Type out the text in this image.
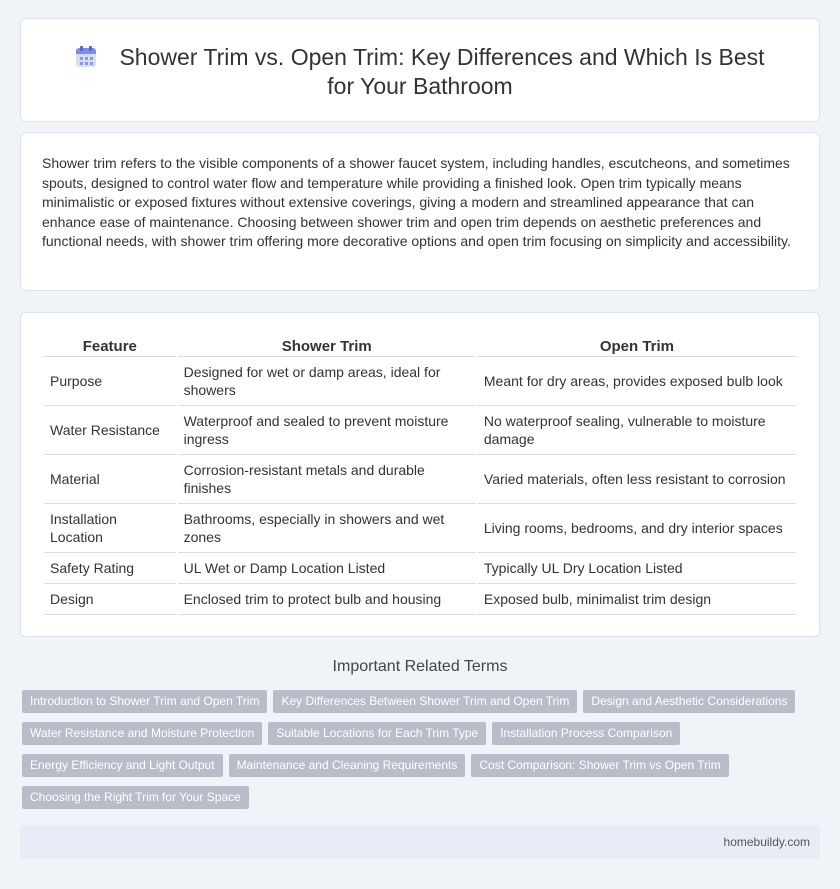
Shower Trim vs. Open Trim: Key Differences and Which Is Best for Your Bathroom

Shower trim refers to the visible components of a shower faucet system, including handles, escutcheons, and sometimes spouts, designed to control water flow and temperature while providing a finished look. Open trim typically means minimalistic or exposed fixtures without extensive coverings, giving a modern and streamlined appearance that can enhance ease of maintenance. Choosing between shower trim and open trim depends on aesthetic preferences and functional needs, with shower trim offering more decorative options and open trim focusing on simplicity and accessibility.

Feature	Shower Trim	Open Trim
Purpose	Designed for wet or damp areas, ideal for showers	Meant for dry areas, provides exposed bulb look
Water Resistance	Waterproof and sealed to prevent moisture ingress	No waterproof sealing, vulnerable to moisture damage
Material	Corrosion-resistant metals and durable finishes	Varied materials, often less resistant to corrosion
Installation Location	Bathrooms, especially in showers and wet zones	Living rooms, bedrooms, and dry interior spaces
Safety Rating	UL Wet or Damp Location Listed	Typically UL Dry Location Listed
Design	Enclosed trim to protect bulb and housing	Exposed bulb, minimalist trim design
Important Related Terms
Introduction to Shower Trim and Open Trim	Key Differences Between Shower Trim and Open Trim	Design and Aesthetic Considerations
Water Resistance and Moisture Protection	Suitable Locations for Each Trim Type	Installation Process Comparison
Energy Efficiency and Light Output	Maintenance and Cleaning Requirements	Cost Comparison: Shower Trim vs Open Trim
Choosing the Right Trim for Your Space
homebuildy.com
